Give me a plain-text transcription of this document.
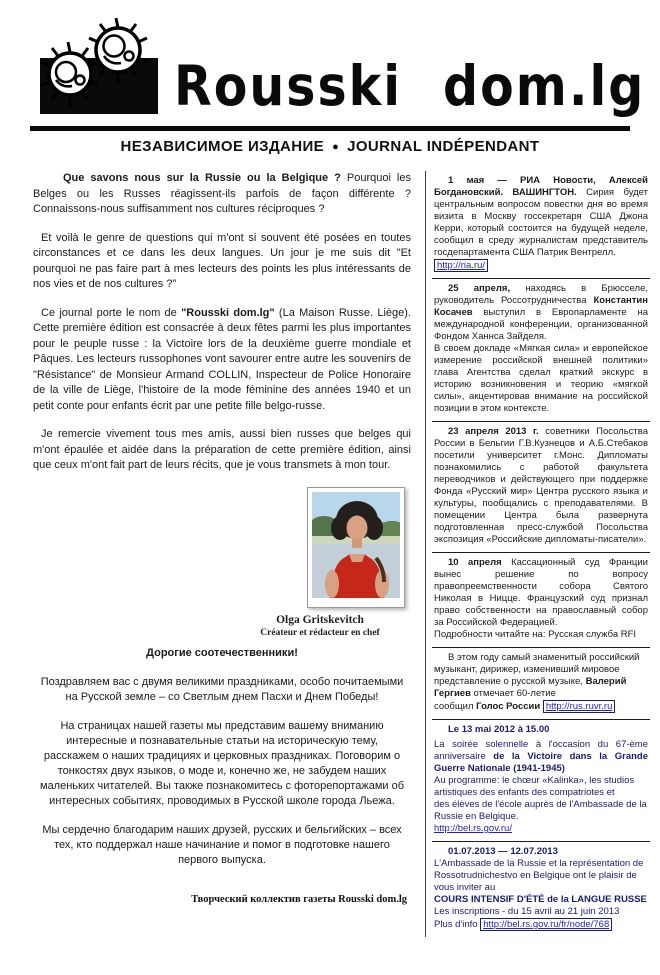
Rousski dom.lg
НЕЗАВИСИМОЕ ИЗДАНИЕ ● JOURNAL INDÉPENDANT

Que savons nous sur la Russie ou la Belgique ? Pourquoi les Belges ou les Russes réagissent-ils parfois de façon différente ? Connaissons-nous suffisamment nos cultures réciproques ?

Et voilà le genre de questions qui m'ont si souvent été posées en toutes circonstances et ce dans les deux langues. Un jour je me suis dit "Et pourquoi ne pas faire part à mes lecteurs des points les plus intéressants de nos vies et de nos cultures ?"

Ce journal porte le nom de "Rousski dom.lg" (La Maison Russe. Liège). Cette première édition est consacrée à deux fêtes parmi les plus importantes pour le peuple russe : la Victoire lors de la deuxième guerre mondiale et Pâques. Les lecteurs russophones vont savourer entre autre les souvenirs de "Résistance" de Monsieur Armand COLLIN, Inspecteur de Police Honoraire de la ville de Liège, l'histoire de la mode féminine des années 1940 et un petit conte pour enfants écrit par une petite fille belgo-russe.

Je remercie vivement tous mes amis, aussi bien russes que belges qui m'ont épaulée et aidée dans la préparation de cette première édition, ainsi que ceux m'ont fait part de leurs récits, que je vous transmets à mon tour.

Olga Gritskevitch
Créateur et rédacteur en chef
Дорогие соотечественники!

Поздравляем вас с двумя великими праздниками, особо почитаемыми на Русской земле – со Светлым днем Пасхи и Днем Победы!

На страницах нашей газеты мы представим вашему вниманию интересные и познавательные статьи на историческую тему, расскажем о наших традициях и церковных праздниках. Поговорим о тонкостях двух языков, о моде и, конечно же, не забудем наших маленьких читателей. Вы также познакомитесь с фоторепортажами об интересных событиях, проводимых в Русской школе города Льежа.

Мы сердечно благодарим наших друзей, русских и бельгийских – всех тех, кто поддержал наше начинание и помог в подготовке нашего первого выпуска.

Творческий коллектив газеты Rousski dom.lg

1 мая — РИА Новости, Алексей Богдановский. ВАШИНГТОН. Сирия будет центральным вопросом повестки дня во время визита в Москву госсекретаря США Джона Керри, который состоится на будущей неделе, сообщил в среду журналистам представитель госдепартамента США Патрик Вентрелл.

http://ria.ru/

25 апреля, находясь в Брюсселе, руководитель Россотрудничества Константин Косачев выступил в Европарламенте на международной конференции, организованной Фондом Ханнса Зайделя.

В своем докладе «Мягкая сила» и европейское измерение российской внешней политики» глава Агентства сделал краткий экскурс в историю возникновения и теорию «мягкой силы», акцентировав внимание на российской позиции в этом контексте.

23 апреля 2013 г. советники Посольства России в Бельгии Г.В.Кузнецов и А.Б.Стебаков посетили университет г.Монс. Дипломаты познакомились с работой факультета переводчиков и действующего при поддержке Фонда «Русский мир» Центра русского языка и культуры, пообщались с преподавателями. В помещении Центра была развернута подготовленная пресс-службой Посольства экспозиция «Российские дипломаты-писатели».

10 апреля Кассационный суд Франции вынес решение по вопросу правопреемственности собора Святого Николая в Ницце. Французский суд признал право собственности на православный собор за Российской Федерацией.

Подробности читайте на: Русская служба RFI

В этом году самый знаменитый российский музыкант, дирижер, изменивший мировое представление о русской музыке, Валерий Гергиев отмечает 60-летие

сообщил Голос России http://rus.ruvr.ru

Le 13 mai 2012 à 15.00

La soirée solennelle à l'occasion du 67-ème anniversaire de la Victoire dans la Grande Guerre Nationale (1941-1945)

Au programme: le chœur «Kalinka», les studios artistiques des enfants des compatriotes et

des élèves de l'école auprès de l'Ambassade de la Russie en Belgique.

http://bel.rs.gov.ru/

01.07.2013 — 12.07.2013

L'Ambassade de la Russie et la représentation de Rossotrudnichestvo en Belgique ont le plaisir de vous inviter au

COURS INTENSIF D'ÉTÉ de la LANGUE RUSSE

Les inscriptions - du 15 avril au 21 juin 2013

Plus d'info http://bel.rs.gov.ru/fr/node/768
